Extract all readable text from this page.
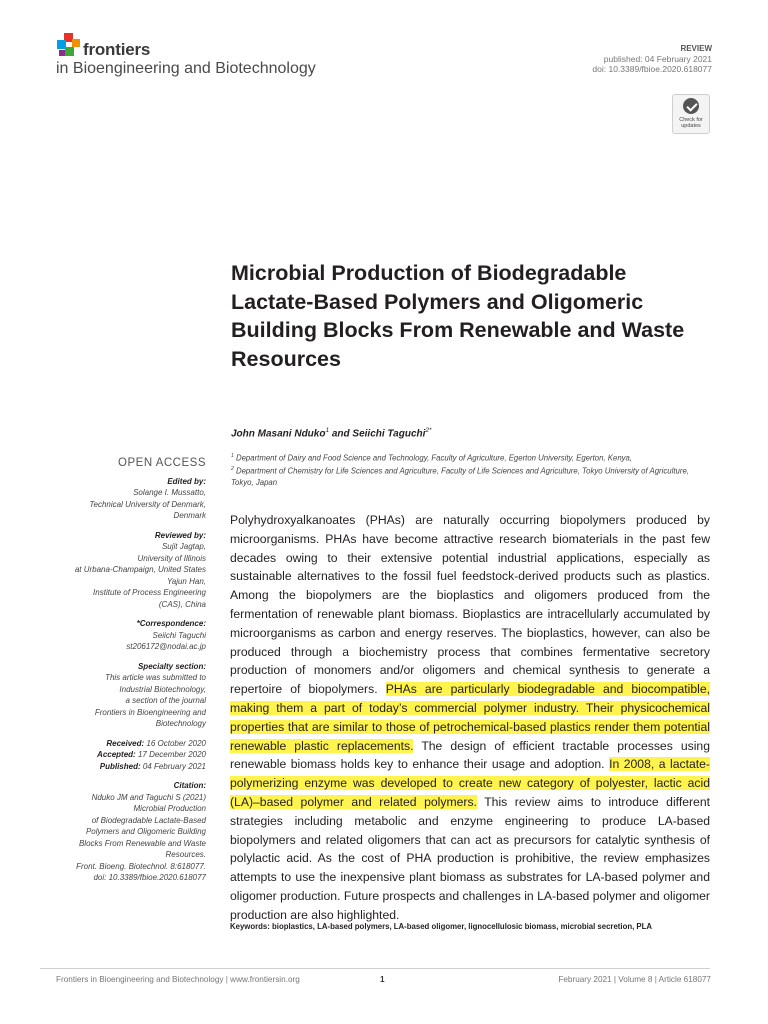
frontiers
in Bioengineering and Biotechnology
REVIEW
published: 04 February 2021
doi: 10.3389/fbioe.2020.618077
Check for updates
Microbial Production of Biodegradable Lactate-Based Polymers and Oligomeric Building Blocks From Renewable and Waste Resources
John Masani Nduko$^1$ and Seiichi Taguchi$^{2*}$
$^1$ Department of Dairy and Food Science and Technology, Faculty of Agriculture, Egerton University, Egerton, Kenya,
$^2$ Department of Chemistry for Life Sciences and Agriculture, Faculty of Life Sciences and Agriculture, Tokyo University of Agriculture, Tokyo, Japan
OPEN ACCESS
Edited by:
Solange I. Mussatto,
Technical University of Denmark,
Denmark
Reviewed by:
Sujit Jagtap,
University of Illinois
at Urbana-Champaign, United States
Yajun Han,
Institute of Process Engineering
(CAS), China
*Correspondence:
Seiichi Taguchi
st206172@nodai.ac.jp
Specialty section:
This article was submitted to
Industrial Biotechnology,
a section of the journal
Frontiers in Bioengineering and
Biotechnology
Received: 16 October 2020
Accepted: 17 December 2020
Published: 04 February 2021
Citation:
Nduko JM and Taguchi S (2021)
Microbial Production
of Biodegradable Lactate-Based
Polymers and Oligomeric Building
Blocks From Renewable and Waste
Resources.
Front. Bioeng. Biotechnol. 8:618077.
doi: 10.3389/fbioe.2020.618077
Polyhydroxyalkanoates (PHAs) are naturally occurring biopolymers produced by microorganisms. PHAs have become attractive research biomaterials in the past few decades owing to their extensive potential industrial applications, especially as sustainable alternatives to the fossil fuel feedstock-derived products such as plastics. Among the biopolymers are the bioplastics and oligomers produced from the fermentation of renewable plant biomass. Bioplastics are intracellularly accumulated by microorganisms as carbon and energy reserves. The bioplastics, however, can also be produced through a biochemistry process that combines fermentative secretory production of monomers and/or oligomers and chemical synthesis to generate a repertoire of biopolymers. PHAs are particularly biodegradable and biocompatible, making them a part of today’s commercial polymer industry. Their physicochemical properties that are similar to those of petrochemical-based plastics render them potential renewable plastic replacements. The design of efficient tractable processes using renewable biomass holds key to enhance their usage and adoption. In 2008, a lactate-polymerizing enzyme was developed to create new category of polyester, lactic acid (LA)–based polymer and related polymers. This review aims to introduce different strategies including metabolic and enzyme engineering to produce LA-based biopolymers and related oligomers that can act as precursors for catalytic synthesis of polylactic acid. As the cost of PHA production is prohibitive, the review emphasizes attempts to use the inexpensive plant biomass as substrates for LA-based polymer and oligomer production. Future prospects and challenges in LA-based polymer and oligomer production are also highlighted.
Keywords: bioplastics, LA-based polymers, LA-based oligomer, lignocellulosic biomass, microbial secretion, PLA
Frontiers in Bioengineering and Biotechnology | www.frontiersin.org	1	February 2021 | Volume 8 | Article 618077
